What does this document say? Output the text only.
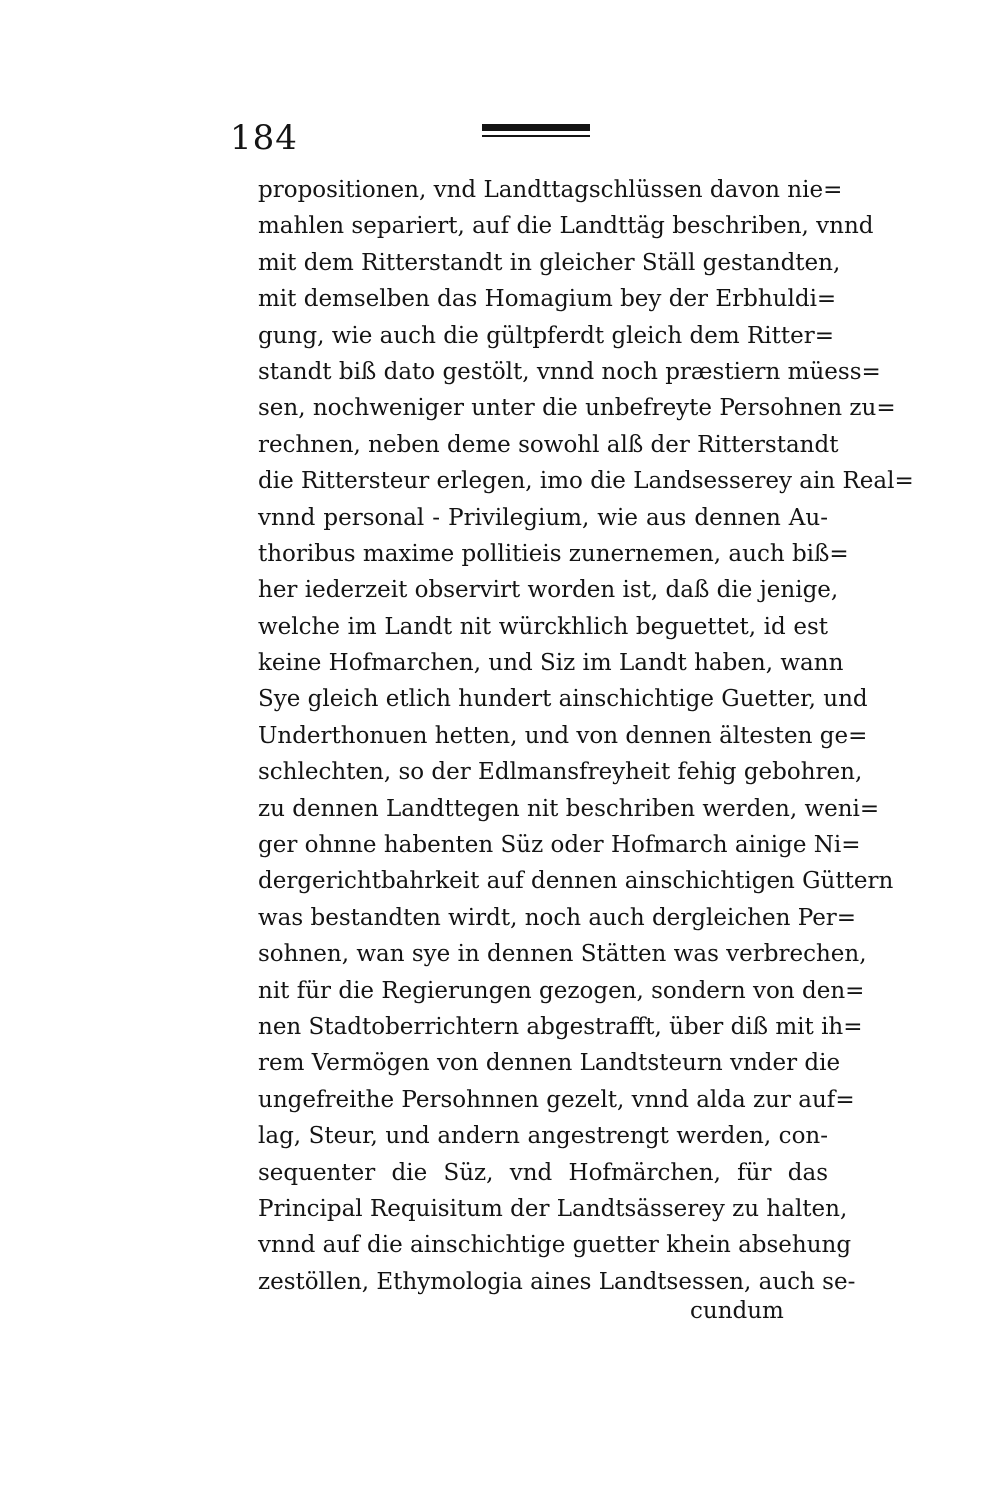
184
propositionen, vnd Landttagschlüssen davon nie=
mahlen separiert, auf die Landttäg beschriben, vnnd
mit dem Ritterstandt in gleicher Ställ gestandten,
mit demselben das Homagium bey der Erbhuldi=
gung, wie auch die gültpferdt gleich dem Ritter=
standt biß dato gestölt, vnnd noch præstiern müess=
sen, nochweniger unter die unbefreyte Persohnen zu=
rechnen, neben deme sowohl alß der Ritterstandt
die Rittersteur erlegen, imo die Landsesserey ain Real=
vnnd personal - Privilegium, wie aus dennen Au-
thoribus maxime pollitieis zunernemen, auch biß=
her iederzeit observirt worden ist, daß die jenige,
welche im Landt nit würckhlich beguettet, id est
keine Hofmarchen, und Siz im Landt haben, wann
Sye gleich etlich hundert ainschichtige Guetter, und
Underthonuen hetten, und von dennen ältesten ge=
schlechten, so der Edlmansfreyheit fehig gebohren,
zu dennen Landttegen nit beschriben werden, weni=
ger ohnne habenten Süz oder Hofmarch ainige Ni=
dergerichtbahrkeit auf dennen ainschichtigen Güttern
was bestandten wirdt, noch auch dergleichen Per=
sohnen, wan sye in dennen Stätten was verbrechen,
nit für die Regierungen gezogen, sondern von den=
nen Stadtoberrichtern abgestrafft, über diß mit ih=
rem Vermögen von dennen Landtsteurn vnder die
ungefreithe Persohnnen gezelt, vnnd alda zur auf=
lag, Steur, und andern angestrengt werden, con-
sequenter die Süz, vnd Hofmärchen, für das
Principal Requisitum der Landtsässerey zu halten,
vnnd auf die ainschichtige guetter khein absehung
zestöllen, Ethymologia aines Landtsessen, auch se-
cundum
